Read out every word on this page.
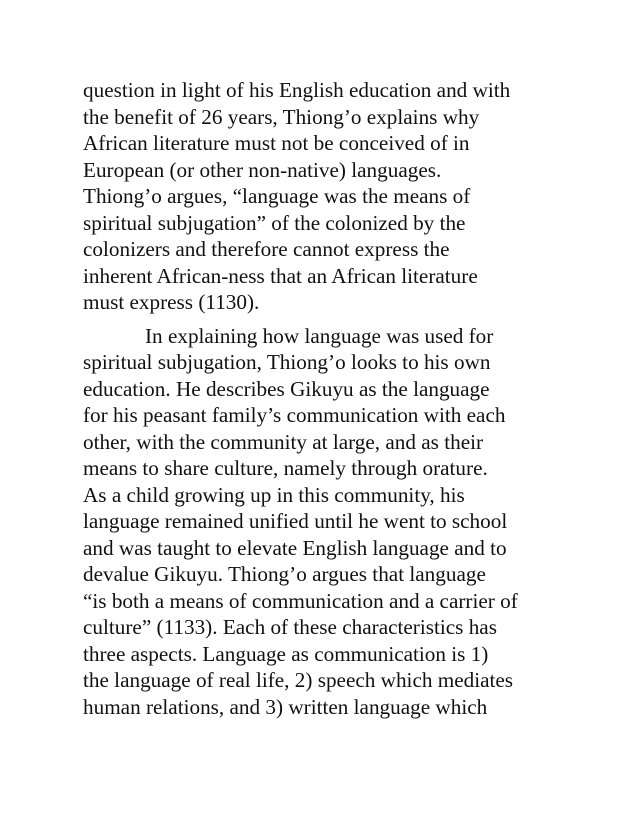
question in light of his English education and with
the benefit of 26 years, Thiong’o explains why
African literature must not be conceived of in
European (or other non-native) languages.
Thiong’o argues, “language was the means of
spiritual subjugation” of the colonized by the
colonizers and therefore cannot express the
inherent African-ness that an African literature
must express (1130).
In explaining how language was used for
spiritual subjugation, Thiong’o looks to his own
education. He describes Gikuyu as the language
for his peasant family’s communication with each
other, with the community at large, and as their
means to share culture, namely through orature.
As a child growing up in this community, his
language remained unified until he went to school
and was taught to elevate English language and to
devalue Gikuyu. Thiong’o argues that language
“is both a means of communication and a carrier of
culture” (1133). Each of these characteristics has
three aspects. Language as communication is 1)
the language of real life, 2) speech which mediates
human relations, and 3) written language which
